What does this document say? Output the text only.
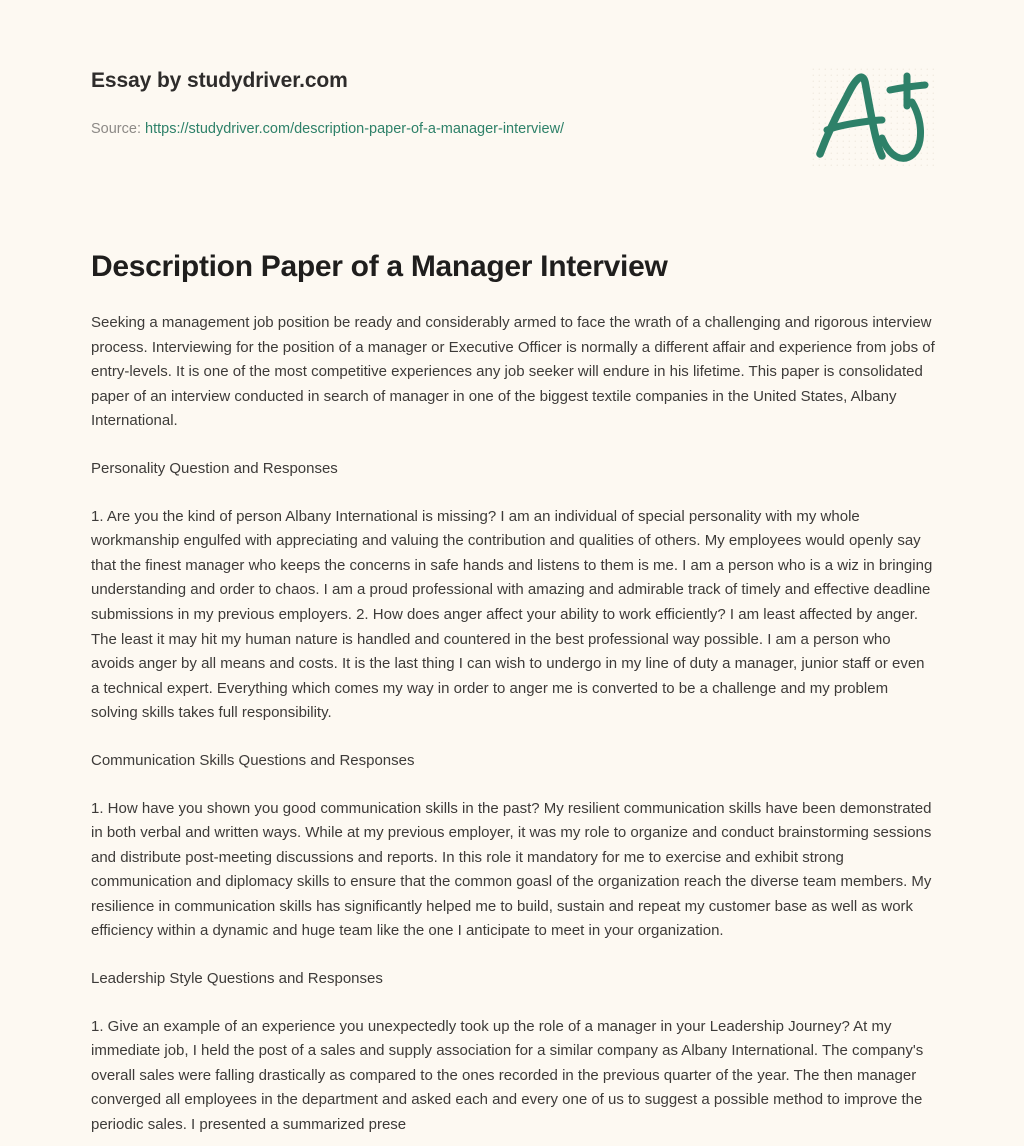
Essay by studydriver.com
Source: https://studydriver.com/description-paper-of-a-manager-interview/
Description Paper of a Manager Interview

Seeking a management job position be ready and considerably armed to face the wrath of a challenging and rigorous interview process. Interviewing for the position of a manager or Executive Officer is normally a different affair and experience from jobs of entry-levels. It is one of the most competitive experiences any job seeker will endure in his lifetime. This paper is consolidated paper of an interview conducted in search of manager in one of the biggest textile companies in the United States, Albany International.

Personality Question and Responses

1. Are you the kind of person Albany International is missing? I am an individual of special personality with my whole workmanship engulfed with appreciating and valuing the contribution and qualities of others. My employees would openly say that the finest manager who keeps the concerns in safe hands and listens to them is me. I am a person who is a wiz in bringing understanding and order to chaos. I am a proud professional with amazing and admirable track of timely and effective deadline submissions in my previous employers. 2. How does anger affect your ability to work efficiently? I am least affected by anger. The least it may hit my human nature is handled and countered in the best professional way possible. I am a person who avoids anger by all means and costs. It is the last thing I can wish to undergo in my line of duty a manager, junior staff or even a technical expert. Everything which comes my way in order to anger me is converted to be a challenge and my problem solving skills takes full responsibility.

Communication Skills Questions and Responses

1. How have you shown you good communication skills in the past? My resilient communication skills have been demonstrated in both verbal and written ways. While at my previous employer, it was my role to organize and conduct brainstorming sessions and distribute post-meeting discussions and reports. In this role it mandatory for me to exercise and exhibit strong communication and diplomacy skills to ensure that the common goasl of the organization reach the diverse team members. My resilience in communication skills has significantly helped me to build, sustain and repeat my customer base as well as work efficiency within a dynamic and huge team like the one I anticipate to meet in your organization.

Leadership Style Questions and Responses

1. Give an example of an experience you unexpectedly took up the role of a manager in your Leadership Journey? At my immediate job, I held the post of a sales and supply association for a similar company as Albany International. The company's overall sales were falling drastically as compared to the ones recorded in the previous quarter of the year. The then manager converged all employees in the department and asked each and every one of us to suggest a possible method to improve the periodic sales. I presented a summarized prese
